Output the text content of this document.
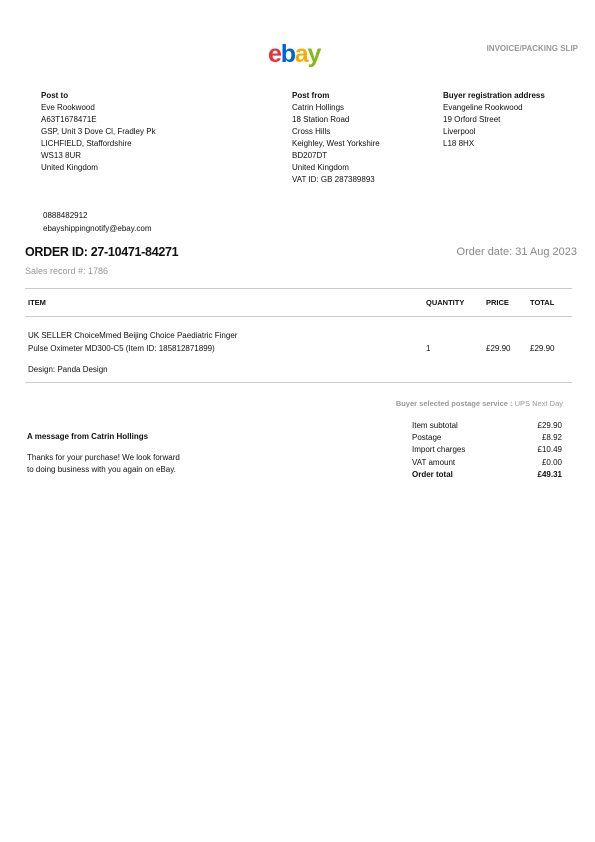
ebay	INVOICE/PACKING SLIP
Post to
Eve Rookwood
A63T1678471E
GSP, Unit 3 Dove Cl, Fradley Pk
LICHFIELD, Staffordshire
WS13 8UR
United Kingdom
Post from
Catrin Hollings
18 Station Road
Cross Hills
Keighley, West Yorkshire
BD207DT
United Kingdom
VAT ID: GB 287389893
Buyer registration address
Evangeline Rookwood
19 Orford Street
Liverpool
L18 8HX
0888482912
ebayshippingnotify@ebay.com
ORDER ID: 27-10471-84271	Order date: 31 Aug 2023
Sales record #: 1786
ITEM	QUANTITY	PRICE	TOTAL
UK SELLER ChoiceMmed Beijing Choice Paediatric Finger
Pulse Oximeter MD300-C5 (Item ID: 185812871899)
Design: Panda Design
1	£29.90 £29.90
Buyer selected postage service : UPS Next Day
A message from Catrin Hollings
Thanks for your purchase! We look forward to doing business with you again on eBay.
Item subtotal	£29.90
Postage	£8.92
Import charges	£10.49
VAT amount	£0.00
Order total	£49.31
